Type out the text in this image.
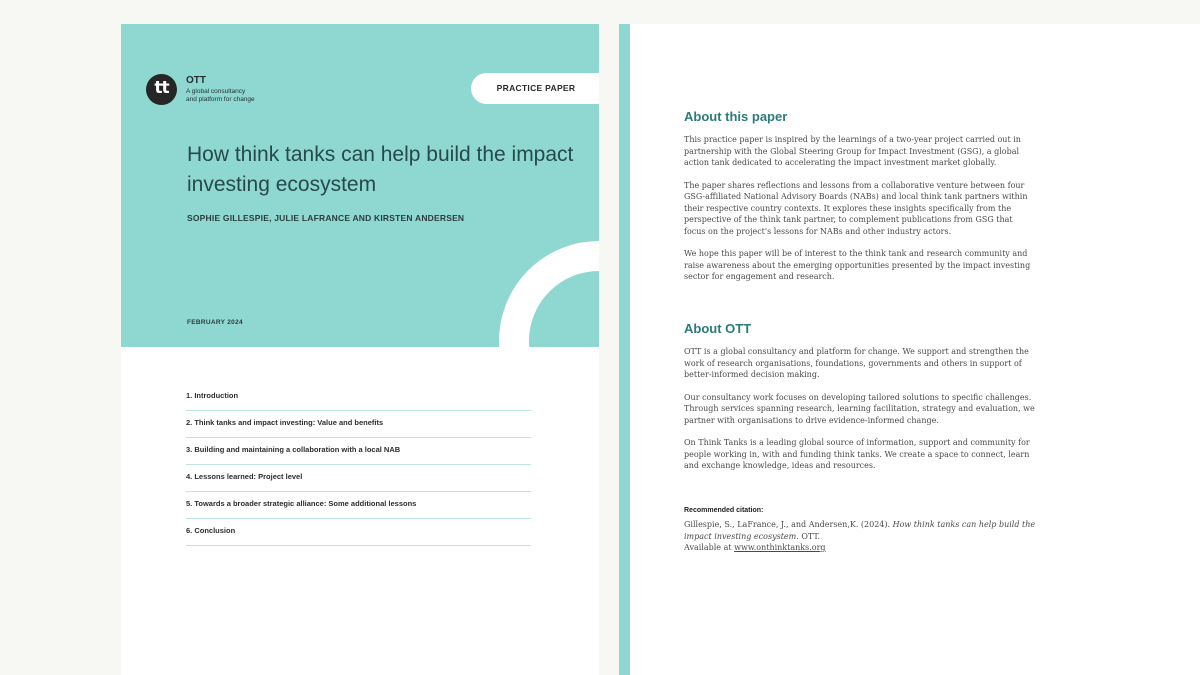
tt	OTT
A global consultancy
and platform for change
PRACTICE PAPER
How think tanks can help build the impact investing ecosystem
SOPHIE GILLESPIE, JULIE LAFRANCE AND KIRSTEN ANDERSEN
FEBRUARY 2024
1. Introduction
2. Think tanks and impact investing: Value and benefits
3. Building and maintaining a collaboration with a local NAB
4. Lessons learned: Project level
5. Towards a broader strategic alliance: Some additional lessons
6. Conclusion
About this paper

This practice paper is inspired by the learnings of a two-year project carried out in partnership with the Global Steering Group for Impact Investment (GSG), a global action tank dedicated to accelerating the impact investment market globally.

The paper shares reflections and lessons from a collaborative venture between four GSG-affiliated National Advisory Boards (NABs) and local think tank partners within their respective country contexts. It explores these insights specifically from the perspective of the think tank partner, to complement publications from GSG that focus on the project's lessons for NABs and other industry actors.

We hope this paper will be of interest to the think tank and research community and raise awareness about the emerging opportunities presented by the impact investing sector for engagement and research.

About OTT

OTT is a global consultancy and platform for change. We support and strengthen the work of research organisations, foundations, governments and others in support of better-informed decision making.

Our consultancy work focuses on developing tailored solutions to specific challenges. Through services spanning research, learning facilitation, strategy and evaluation, we partner with organisations to drive evidence-informed change.

On Think Tanks is a leading global source of information, support and community for people working in, with and funding think tanks. We create a space to connect, learn and exchange knowledge, ideas and resources.

Recommended citation:
Gillespie, S., LaFrance, J., and Andersen,K. (2024). How think tanks can help build the impact investing ecosystem. OTT.
Available at www.onthinktanks.org
